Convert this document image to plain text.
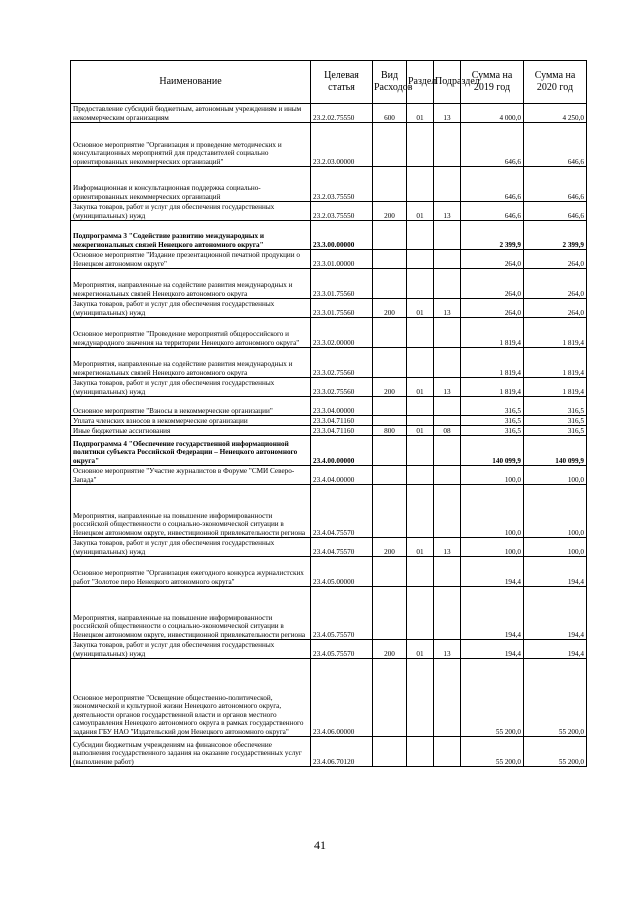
Наименование	Целевая статья	Вид Расходов	Раздел	Подраздел	Сумма на 2019 год	Сумма на 2020 год
Предоставление субсидий бюджетным, автономным учреждениям и иным некоммерческим организациям	23.2.02.75550	600	01	13	4 000,0	4 250,0
Основное мероприятие "Организация и проведение методических и консультационных мероприятий для представителей социально ориентированных некоммерческих организаций"	23.2.03.00000				646,6	646,6
Информационная и консультационная поддержка социально-ориентированных некоммерческих организаций	23.2.03.75550				646,6	646,6
Закупка товаров, работ и услуг для обеспечения государственных (муниципальных) нужд	23.2.03.75550	200	01	13	646,6	646,6
Подпрограмма 3 "Содействие развитию международных и межрегиональных связей Ненецкого автономного округа"	23.3.00.00000				2 399,9	2 399,9
Основное мероприятие "Издание презентационной печатной продукции о Ненецком автономном округе"	23.3.01.00000				264,0	264,0
Мероприятия, направленные на содействие развития международных и межрегиональных связей Ненецкого автономного округа	23.3.01.75560				264,0	264,0
Закупка товаров, работ и услуг для обеспечения государственных (муниципальных) нужд	23.3.01.75560	200	01	13	264,0	264,0
Основное мероприятие "Проведение мероприятий общероссийского и международного значения на территории Ненецкого автономного округа"	23.3.02.00000				1 819,4	1 819,4
Мероприятия, направленные на содействие развития международных и межрегиональных связей Ненецкого автономного округа	23.3.02.75560				1 819,4	1 819,4
Закупка товаров, работ и услуг для обеспечения государственных (муниципальных) нужд	23.3.02.75560	200	01	13	1 819,4	1 819,4
Основное мероприятие "Взносы в некоммерческие организации"	23.3.04.00000				316,5	316,5
Уплата членских взносов в некоммерческие организации	23.3.04.71160				316,5	316,5
Иные бюджетные ассигнования	23.3.04.71160	800	01	08	316,5	316,5
Подпрограмма 4 "Обеспечение государственной информационной политики субъекта Российской Федерации – Ненецкого автономного округа"	23.4.00.00000				140 099,9	140 099,9
Основное мероприятие "Участие журналистов в Форуме "СМИ Северо-Запада"	23.4.04.00000				100,0	100,0
Мероприятия, направленные на повышение информированности российской общественности о социально-экономической ситуации в Ненецком автономном округе, инвестиционной привлекательности региона	23.4.04.75570				100,0	100,0
Закупка товаров, работ и услуг для обеспечения государственных (муниципальных) нужд	23.4.04.75570	200	01	13	100,0	100,0
Основное мероприятие "Организация ежегодного конкурса журналистских работ "Золотое перо Ненецкого автономного округа"	23.4.05.00000				194,4	194,4
Мероприятия, направленные на повышение информированности российской общественности о социально-экономической ситуации в Ненецком автономном округе, инвестиционной привлекательности региона	23.4.05.75570				194,4	194,4
Закупка товаров, работ и услуг для обеспечения государственных (муниципальных) нужд	23.4.05.75570	200	01	13	194,4	194,4
Основное мероприятие "Освещение общественно-политической, экономической и культурной жизни Ненецкого автономного округа, деятельности органов государственной власти и органов местного самоуправления Ненецкого автономного округа в рамках государственного задания ГБУ НАО "Издательский дом Ненецкого автономного округа"	23.4.06.00000				55 200,0	55 200,0
Субсидии бюджетным учреждениям на финансовое обеспечение выполнения государственного задания на оказание государственных услуг (выполнение работ)	23.4.06.70120				55 200,0	55 200,0
41
